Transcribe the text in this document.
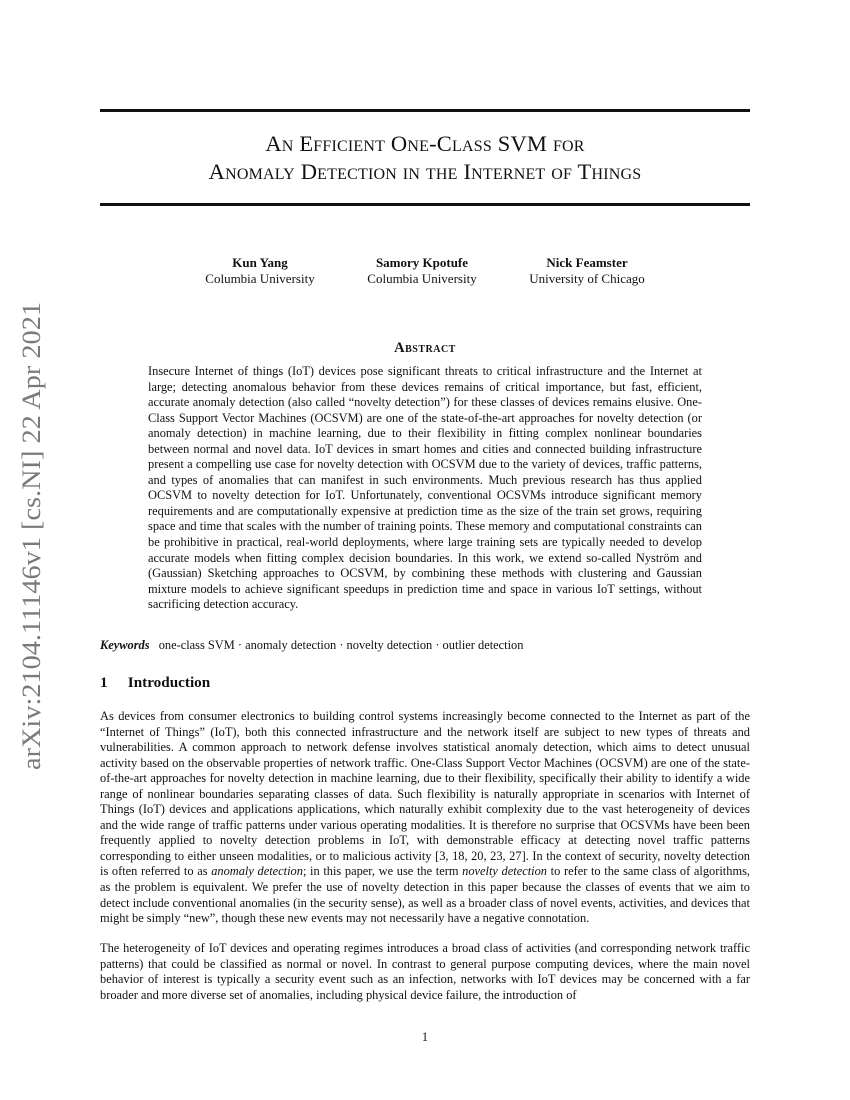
arXiv:2104.11146v1 [cs.NI] 22 Apr 2021
An Efficient One-Class SVM for
Anomaly Detection in the Internet of Things
Kun Yang
Columbia University
Samory Kpotufe
Columbia University
Nick Feamster
University of Chicago
Abstract

Insecure Internet of things (IoT) devices pose significant threats to critical infrastructure and the Internet at large; detecting anomalous behavior from these devices remains of critical importance, but fast, efficient, accurate anomaly detection (also called “novelty detection”) for these classes of devices remains elusive. One-Class Support Vector Machines (OCSVM) are one of the state-of-the-art approaches for novelty detection (or anomaly detection) in machine learning, due to their flexibility in fitting complex nonlinear boundaries between normal and novel data. IoT devices in smart homes and cities and connected building infrastructure present a compelling use case for novelty detection with OCSVM due to the variety of devices, traffic patterns, and types of anomalies that can manifest in such environments. Much previous research has thus applied OCSVM to novelty detection for IoT. Unfortunately, conventional OCSVMs introduce significant memory requirements and are computationally expensive at prediction time as the size of the train set grows, requiring space and time that scales with the number of training points. These memory and computational constraints can be prohibitive in practical, real-world deployments, where large training sets are typically needed to develop accurate models when fitting complex decision boundaries. In this work, we extend so-called Nyström and (Gaussian) Sketching approaches to OCSVM, by combining these methods with clustering and Gaussian mixture models to achieve significant speedups in prediction time and space in various IoT settings, without sacrificing detection accuracy.

Keywords one-class SVM · anomaly detection · novelty detection · outlier detection
1 Introduction

As devices from consumer electronics to building control systems increasingly become connected to the Internet as part of the “Internet of Things” (IoT), both this connected infrastructure and the network itself are subject to new types of threats and vulnerabilities. A common approach to network defense involves statistical anomaly detection, which aims to detect unusual activity based on the observable properties of network traffic. One-Class Support Vector Machines (OCSVM) are one of the state-of-the-art approaches for novelty detection in machine learning, due to their flexibility, specifically their ability to identify a wide range of nonlinear boundaries separating classes of data. Such flexibility is naturally appropriate in scenarios with Internet of Things (IoT) devices and applications applications, which naturally exhibit complexity due to the vast heterogeneity of devices and the wide range of traffic patterns under various operating modalities. It is therefore no surprise that OCSVMs have been been frequently applied to novelty detection problems in IoT, with demonstrable efficacy at detecting novel traffic patterns corresponding to either unseen modalities, or to malicious activity [3, 18, 20, 23, 27]. In the context of security, novelty detection is often referred to as anomaly detection; in this paper, we use the term novelty detection to refer to the same class of algorithms, as the problem is equivalent. We prefer the use of novelty detection in this paper because the classes of events that we aim to detect include conventional anomalies (in the security sense), as well as a broader class of novel events, activities, and devices that might be simply “new”, though these new events may not necessarily have a negative connotation.

The heterogeneity of IoT devices and operating regimes introduces a broad class of activities (and corresponding network traffic patterns) that could be classified as normal or novel. In contrast to general purpose computing devices, where the main novel behavior of interest is typically a security event such as an infection, networks with IoT devices may be concerned with a far broader and more diverse set of anomalies, including physical device failure, the introduction of

1
